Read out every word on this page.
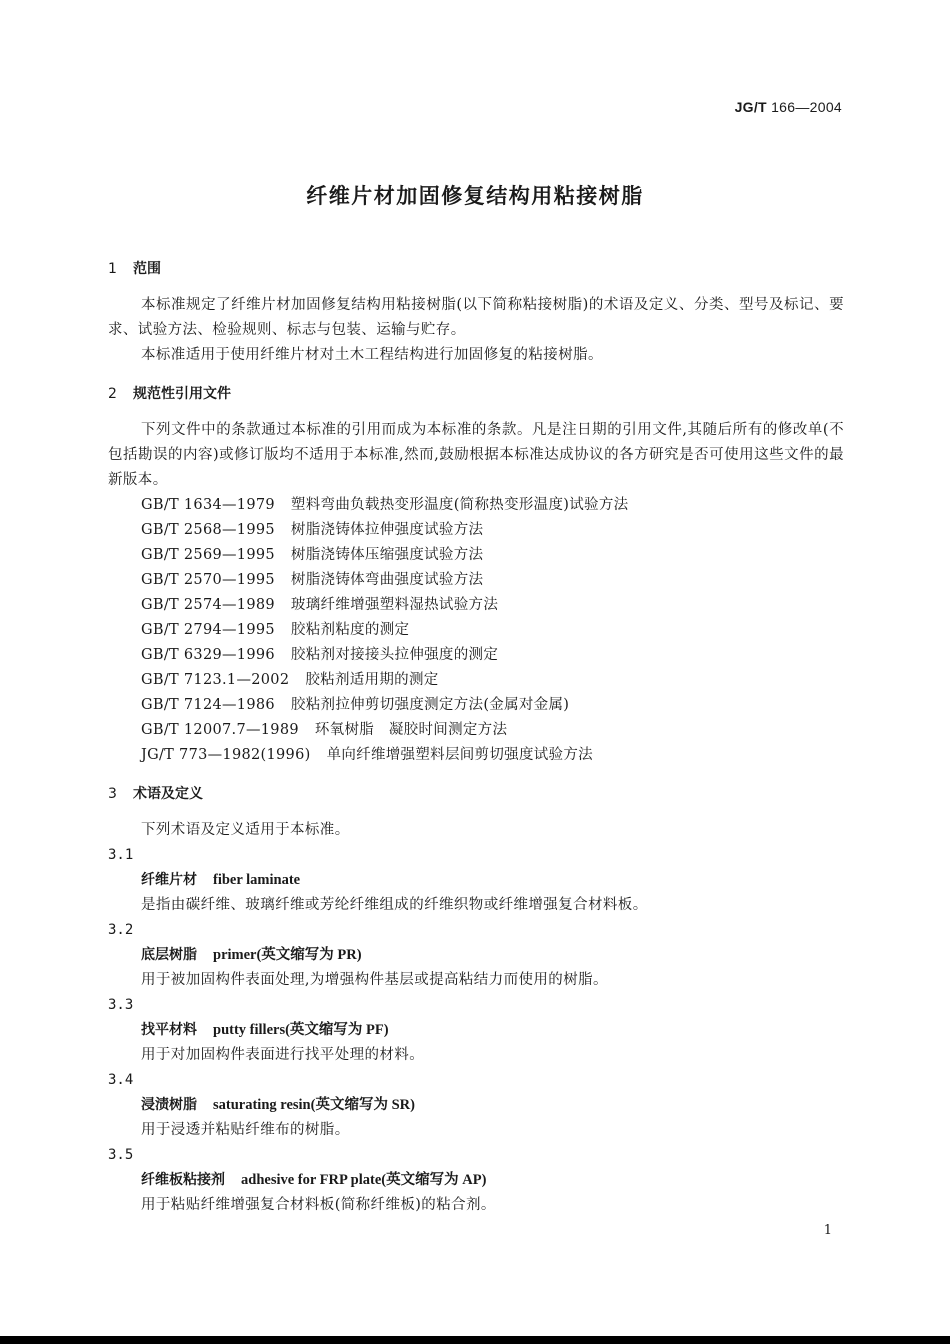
JG/T 166—2004
纤维片材加固修复结构用粘接树脂
1 范围
本标准规定了纤维片材加固修复结构用粘接树脂(以下简称粘接树脂)的术语及定义、分类、型号及标记、要求、试验方法、检验规则、标志与包装、运输与贮存。
本标准适用于使用纤维片材对土木工程结构进行加固修复的粘接树脂。
2 规范性引用文件
下列文件中的条款通过本标准的引用而成为本标准的条款。凡是注日期的引用文件,其随后所有的修改单(不包括勘误的内容)或修订版均不适用于本标准,然而,鼓励根据本标准达成协议的各方研究是否可使用这些文件的最新版本。
GB/T 1634—1979 塑料弯曲负载热变形温度(简称热变形温度)试验方法
GB/T 2568—1995 树脂浇铸体拉伸强度试验方法
GB/T 2569—1995 树脂浇铸体压缩强度试验方法
GB/T 2570—1995 树脂浇铸体弯曲强度试验方法
GB/T 2574—1989 玻璃纤维增强塑料湿热试验方法
GB/T 2794—1995 胶粘剂粘度的测定
GB/T 6329—1996 胶粘剂对接接头拉伸强度的测定
GB/T 7123.1—2002 胶粘剂适用期的测定
GB/T 7124—1986 胶粘剂拉伸剪切强度测定方法(金属对金属)
GB/T 12007.7—1989 环氧树脂　凝胶时间测定方法
JG/T 773—1982(1996) 单向纤维增强塑料层间剪切强度试验方法
3 术语及定义
下列术语及定义适用于本标准。
3.1
纤维片材 fiber laminate
是指由碳纤维、玻璃纤维或芳纶纤维组成的纤维织物或纤维增强复合材料板。
3.2
底层树脂 primer(英文缩写为 PR)
用于被加固构件表面处理,为增强构件基层或提高粘结力而使用的树脂。
3.3
找平材料 putty fillers(英文缩写为 PF)
用于对加固构件表面进行找平处理的材料。
3.4
浸渍树脂 saturating resin(英文缩写为 SR)
用于浸透并粘贴纤维布的树脂。
3.5
纤维板粘接剂 adhesive for FRP plate(英文缩写为 AP)
用于粘贴纤维增强复合材料板(简称纤维板)的粘合剂。
1
